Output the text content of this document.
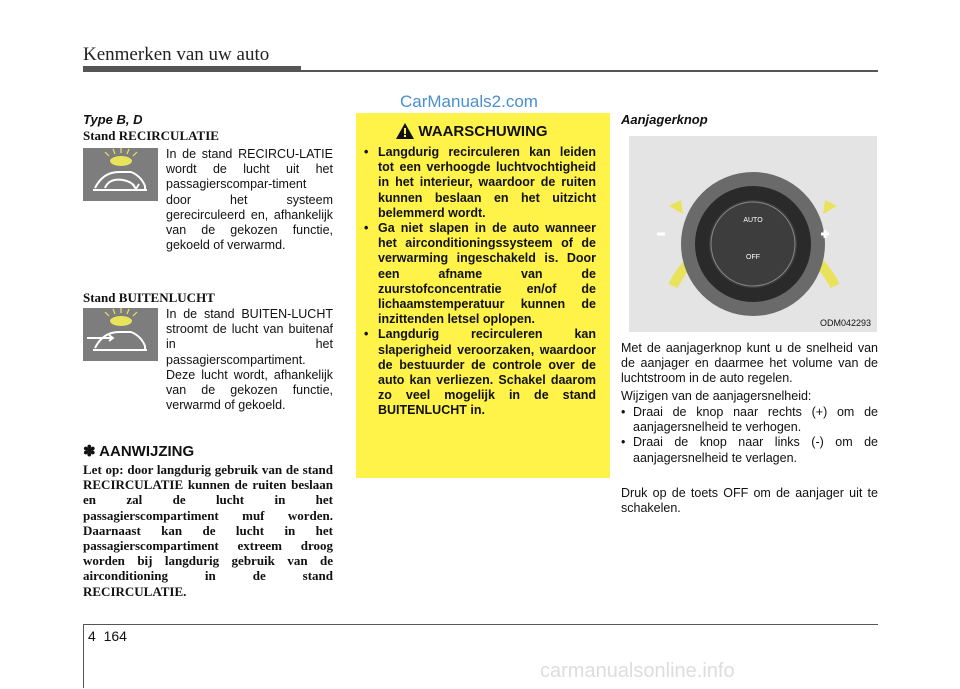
Kenmerken van uw auto
CarManuals2.com
Type B, D
Stand RECIRCULATIE
In de stand RECIRCU-LATIE wordt de lucht uit het passagierscompar-timent door het systeem gerecirculeerd en, afhankelijk van de gekozen functie, gekoeld of verwarmd.
Stand BUITENLUCHT
In de stand BUITEN-LUCHT stroomt de lucht van buitenaf in het passagierscompartiment. Deze lucht wordt, afhankelijk van de gekozen functie, verwarmd of gekoeld.
✽ AANWIJZING
Let op: door langdurig gebruik van de stand RECIRCULATIE kunnen de ruiten beslaan en zal de lucht in het passagierscompartiment muf worden. Daarnaast kan de lucht in het passagierscompartiment extreem droog worden bij langdurig gebruik van de airconditioning in de stand RECIRCULATIE.
WAARSCHUWING
• Langdurig recirculeren kan leiden tot een verhoogde luchtvochtigheid in het interieur, waardoor de ruiten kunnen beslaan en het uitzicht belemmerd wordt.
• Ga niet slapen in de auto wanneer het airconditioningssysteem of de verwarming ingeschakeld is. Door een afname van de zuurstofconcentratie en/of de lichaamstemperatuur kunnen de inzittenden letsel oplopen.
• Langdurig recirculeren kan slaperigheid veroorzaken, waardoor de bestuurder de controle over de auto kan verliezen. Schakel daarom zo veel mogelijk in de stand BUITENLUCHT in.
Aanjagerknop
AUTO
OFF
ODM042293
Met de aanjagerknop kunt u de snelheid van de aanjager en daarmee het volume van de luchtstroom in de auto regelen.
Wijzigen van de aanjagersnelheid:
• Draai de knop naar rechts (+) om de aanjagersnelheid te verhogen.
• Draai de knop naar links (-) om de aanjagersnelheid te verlagen.
Druk op de toets OFF om de aanjager uit te schakelen.
4 164
carmanualsonline.info
